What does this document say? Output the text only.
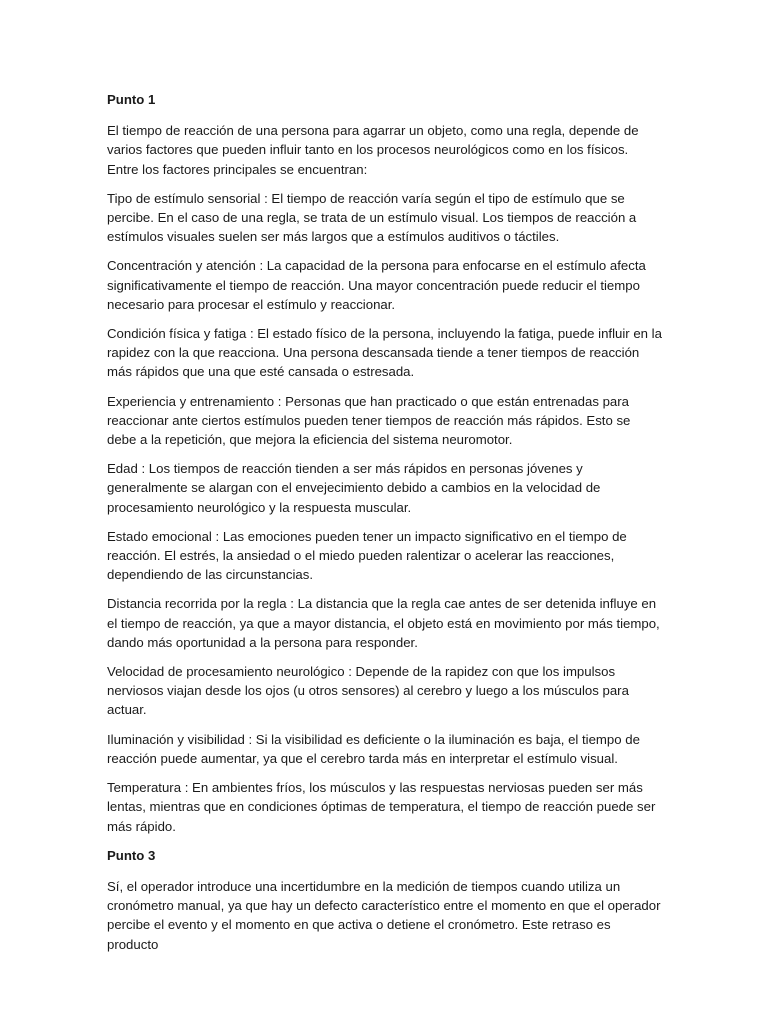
Punto 1

El tiempo de reacción de una persona para agarrar un objeto, como una regla, depende de varios factores que pueden influir tanto en los procesos neurológicos como en los físicos. Entre los factores principales se encuentran:

Tipo de estímulo sensorial : El tiempo de reacción varía según el tipo de estímulo que se percibe. En el caso de una regla, se trata de un estímulo visual. Los tiempos de reacción a estímulos visuales suelen ser más largos que a estímulos auditivos o táctiles.

Concentración y atención : La capacidad de la persona para enfocarse en el estímulo afecta significativamente el tiempo de reacción. Una mayor concentración puede reducir el tiempo necesario para procesar el estímulo y reaccionar.

Condición física y fatiga : El estado físico de la persona, incluyendo la fatiga, puede influir en la rapidez con la que reacciona. Una persona descansada tiende a tener tiempos de reacción más rápidos que una que esté cansada o estresada.

Experiencia y entrenamiento : Personas que han practicado o que están entrenadas para reaccionar ante ciertos estímulos pueden tener tiempos de reacción más rápidos. Esto se debe a la repetición, que mejora la eficiencia del sistema neuromotor.

Edad : Los tiempos de reacción tienden a ser más rápidos en personas jóvenes y generalmente se alargan con el envejecimiento debido a cambios en la velocidad de procesamiento neurológico y la respuesta muscular.

Estado emocional : Las emociones pueden tener un impacto significativo en el tiempo de reacción. El estrés, la ansiedad o el miedo pueden ralentizar o acelerar las reacciones, dependiendo de las circunstancias.

Distancia recorrida por la regla : La distancia que la regla cae antes de ser detenida influye en el tiempo de reacción, ya que a mayor distancia, el objeto está en movimiento por más tiempo, dando más oportunidad a la persona para responder.

Velocidad de procesamiento neurológico : Depende de la rapidez con que los impulsos nerviosos viajan desde los ojos (u otros sensores) al cerebro y luego a los músculos para actuar.

Iluminación y visibilidad : Si la visibilidad es deficiente o la iluminación es baja, el tiempo de reacción puede aumentar, ya que el cerebro tarda más en interpretar el estímulo visual.

Temperatura : En ambientes fríos, los músculos y las respuestas nerviosas pueden ser más lentas, mientras que en condiciones óptimas de temperatura, el tiempo de reacción puede ser más rápido.

Punto 3

Sí, el operador introduce una incertidumbre en la medición de tiempos cuando utiliza un cronómetro manual, ya que hay un defecto característico entre el momento en que el operador percibe el evento y el momento en que activa o detiene el cronómetro. Este retraso es producto
